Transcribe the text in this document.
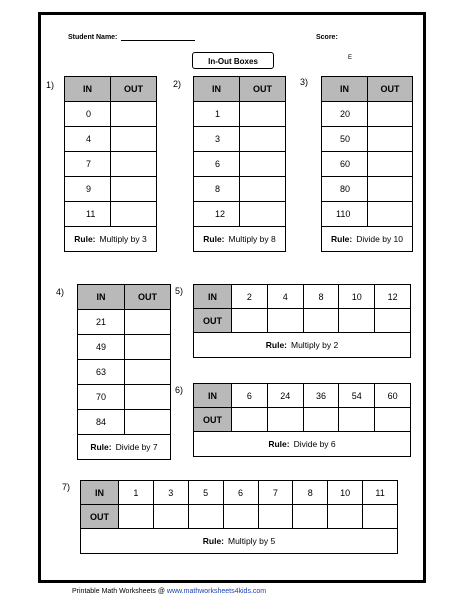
Student Name:	Score:
In-Out Boxes	E
1)	IN	OUT
0	
4	
7	
9	
11	
Rule: Multiply by 3	
2)	IN	OUT
1	
3	
6	
8	
12	
Rule: Multiply by 8	
3)
IN	OUT
20	
50	
60	
80	
110	
Rule: Divide by 10	
4)	IN	OUT
21	
49	
63	
70	
84	
Rule: Divide by 7	
5)
IN	2	4	8	10	12
OUT					
Rule: Multiply by 2					
6)
IN	6	24	36	54	60
OUT					
Rule: Divide by 6					
7)
IN	1	3	5	6	7	8	10	11
OUT								
Rule: Multiply by 5								
Printable Math Worksheets @ www.mathworksheets4kids.com
